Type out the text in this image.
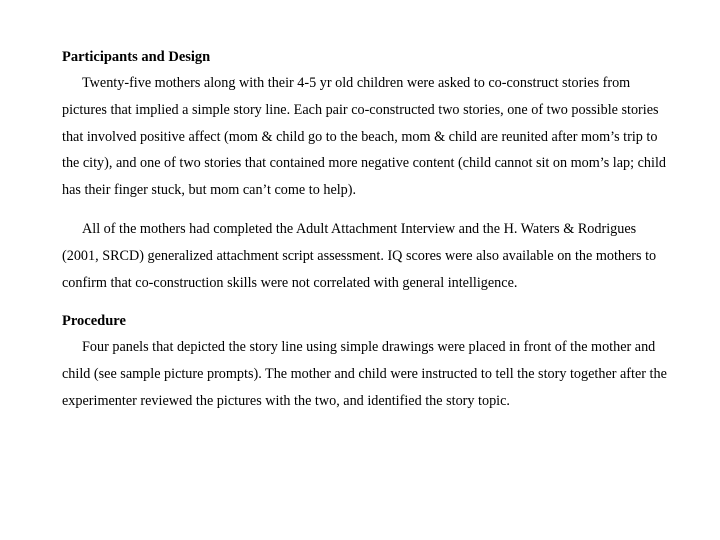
Participants and Design

Twenty-five mothers along with their 4-5 yr old children were asked to co-construct stories from pictures that implied a simple story line. Each pair co-constructed two stories, one of two possible stories that involved positive affect (mom & child go to the beach, mom & child are reunited after mom’s trip to the city), and one of two stories that contained more negative content (child cannot sit on mom’s lap; child has their finger stuck, but mom can’t come to help).

All of the mothers had completed the Adult Attachment Interview and the H. Waters & Rodrigues (2001, SRCD) generalized attachment script assessment. IQ scores were also available on the mothers to confirm that co-construction skills were not correlated with general intelligence.

Procedure

Four panels that depicted the story line using simple drawings were placed in front of the mother and child (see sample picture prompts). The mother and child were instructed to tell the story together after the experimenter reviewed the pictures with the two, and identified the story topic.
